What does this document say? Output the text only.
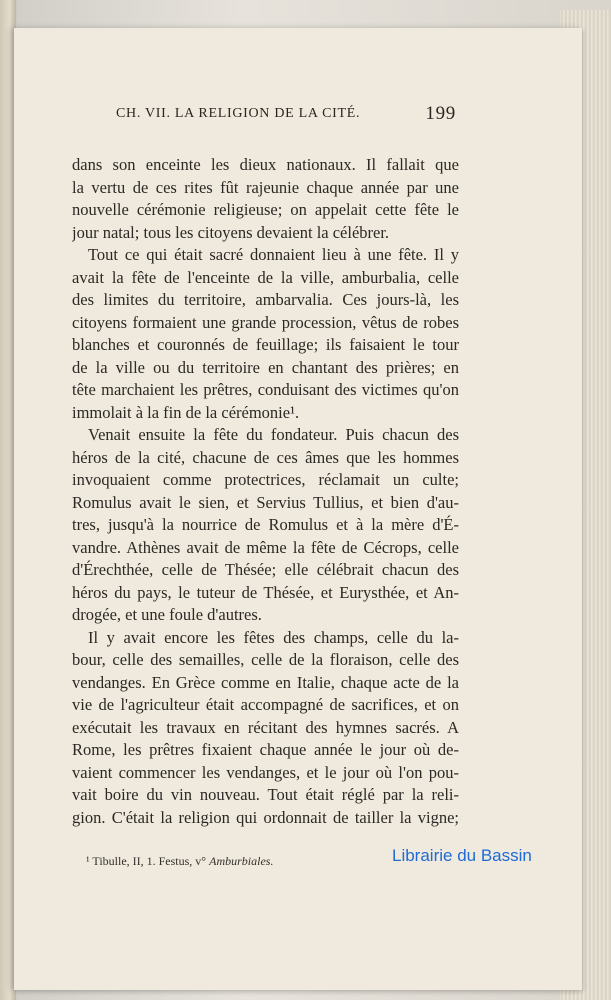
CH. VII. LA RELIGION DE LA CITÉ.	199
dans son enceinte les dieux nationaux. Il fallait que
la vertu de ces rites fût rajeunie chaque année par une
nouvelle cérémonie religieuse; on appelait cette fête le
jour natal; tous les citoyens devaient la célébrer.
Tout ce qui était sacré donnaient lieu à une fête. Il y
avait la fête de l'enceinte de la ville, amburbalia, celle
des limites du territoire, ambarvalia. Ces jours-là, les
citoyens formaient une grande procession, vêtus de robes
blanches et couronnés de feuillage; ils faisaient le tour
de la ville ou du territoire en chantant des prières; en
tête marchaient les prêtres, conduisant des victimes qu'on
immolait à la fin de la cérémonie¹.
Venait ensuite la fête du fondateur. Puis chacun des
héros de la cité, chacune de ces âmes que les hommes
invoquaient comme protectrices, réclamait un culte;
Romulus avait le sien, et Servius Tullius, et bien d'au-
tres, jusqu'à la nourrice de Romulus et à la mère d'É-
vandre. Athènes avait de même la fête de Cécrops, celle
d'Érechthée, celle de Thésée; elle célébrait chacun des
héros du pays, le tuteur de Thésée, et Eurysthée, et An-
drogée, et une foule d'autres.
Il y avait encore les fêtes des champs, celle du la-
bour, celle des semailles, celle de la floraison, celle des
vendanges. En Grèce comme en Italie, chaque acte de la
vie de l'agriculteur était accompagné de sacrifices, et on
exécutait les travaux en récitant des hymnes sacrés. A
Rome, les prêtres fixaient chaque année le jour où de-
vaient commencer les vendanges, et le jour où l'on pou-
vait boire du vin nouveau. Tout était réglé par la reli-
gion. C'était la religion qui ordonnait de tailler la vigne;
¹ Tibulle, II, 1. Festus, v° Amburbiales.	Librairie du Bassin
